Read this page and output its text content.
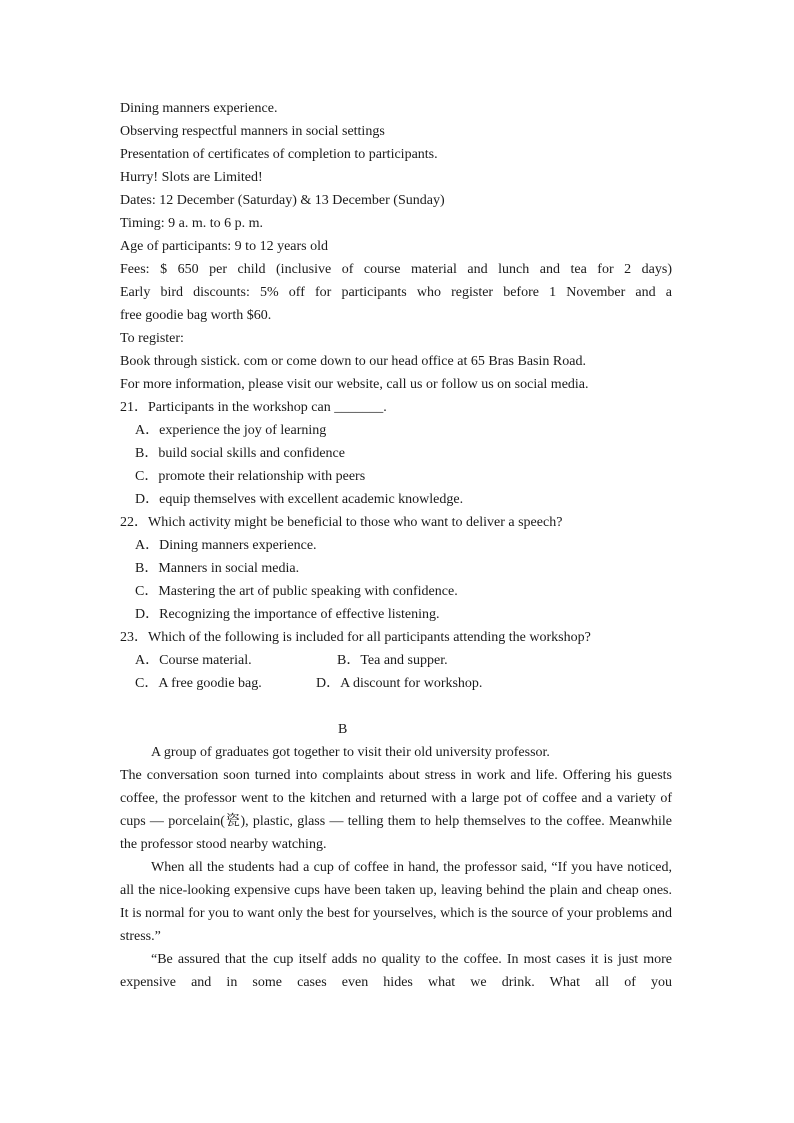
Dining manners experience.
Observing respectful manners in social settings
Presentation of certificates of completion to participants.
Hurry! Slots are Limited!
Dates: 12 December (Saturday) & 13 December (Sunday)
Timing: 9 a. m. to 6 p. m.
Age of participants: 9 to 12 years old
Fees: $ 650 per child (inclusive of course material and lunch and tea for 2 days)
Early bird discounts: 5% off for participants who register before 1 November and a
free goodie bag worth $60.
To register:
Book through sistick. com or come down to our head office at 65 Bras Basin Road.
For more information, please visit our website, call us or follow us on social media.
21．Participants in the workshop can _______.
A．experience the joy of learning
B．build social skills and confidence
C．promote their relationship with peers
D．equip themselves with excellent academic knowledge.
22．Which activity might be beneficial to those who want to deliver a speech?
A．Dining manners experience.
B．Manners in social media.
C．Mastering the art of public speaking with confidence.
D．Recognizing the importance of effective listening.
23．Which of the following is included for all participants attending the workshop?
A．Course material.	B．Tea and supper.
C．A free goodie bag.	D．A discount for workshop.
B
A group of graduates got together to visit their old university professor.
The conversation soon turned into complaints about stress in work and life. Offering his guests coffee, the professor went to the kitchen and returned with a large pot of coffee and a variety of cups — porcelain(瓷), plastic, glass — telling them to help themselves to the coffee. Meanwhile the professor stood nearby watching.
When all the students had a cup of coffee in hand, the professor said, “If you have noticed, all the nice-looking expensive cups have been taken up, leaving behind the plain and cheap ones. It is normal for you to want only the best for yourselves, which is the source of your problems and stress.”
“Be assured that the cup itself adds no quality to the coffee. In most cases it is just more expensive and in some cases even hides what we drink. What all of you
